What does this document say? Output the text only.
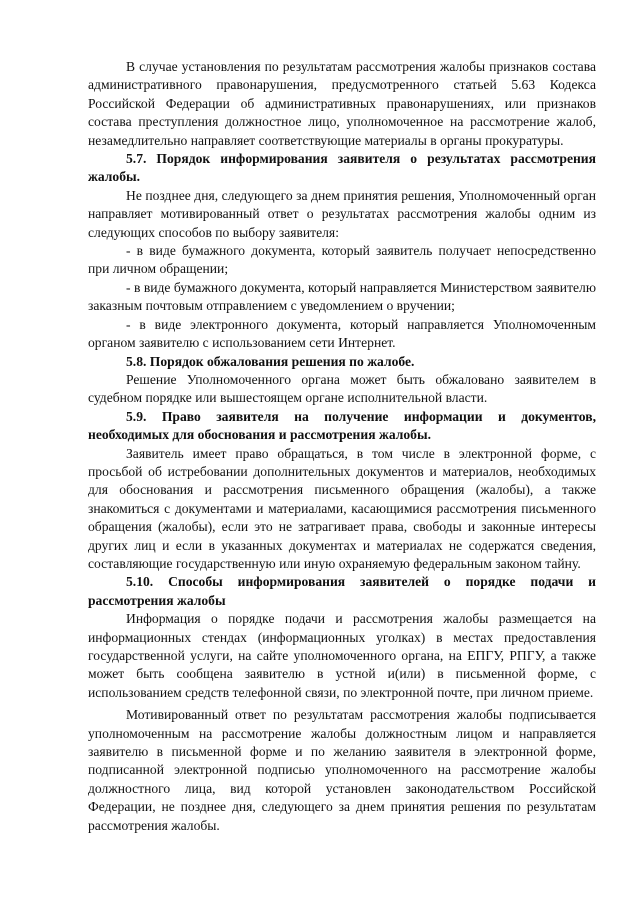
В случае установления по результатам рассмотрения жалобы признаков состава административного правонарушения, предусмотренного статьей 5.63 Кодекса Российской Федерации об административных правонарушениях, или признаков состава преступления должностное лицо, уполномоченное на рассмотрение жалоб, незамедлительно направляет соответствующие материалы в органы прокуратуры.

5.7. Порядок информирования заявителя о результатах рассмотрения жалобы.

Не позднее дня, следующего за днем принятия решения, Уполномоченный орган направляет мотивированный ответ о результатах рассмотрения жалобы одним из следующих способов по выбору заявителя:

- в виде бумажного документа, который заявитель получает непосредственно при личном обращении;

- в виде бумажного документа, который направляется Министерством заявителю заказным почтовым отправлением с уведомлением о вручении;

- в виде электронного документа, который направляется Уполномоченным органом заявителю с использованием сети Интернет.

5.8. Порядок обжалования решения по жалобе.

Решение Уполномоченного органа может быть обжаловано заявителем в судебном порядке или вышестоящем органе исполнительной власти.

5.9. Право заявителя на получение информации и документов, необходимых для обоснования и рассмотрения жалобы.

Заявитель имеет право обращаться, в том числе в электронной форме, с просьбой об истребовании дополнительных документов и материалов, необходимых для обоснования и рассмотрения письменного обращения (жалобы), а также знакомиться с документами и материалами, касающимися рассмотрения письменного обращения (жалобы), если это не затрагивает права, свободы и законные интересы других лиц и если в указанных документах и материалах не содержатся сведения, составляющие государственную или иную охраняемую федеральным законом тайну.

5.10. Способы информирования заявителей о порядке подачи и рассмотрения жалобы

Информация о порядке подачи и рассмотрения жалобы размещается на информационных стендах (информационных уголках) в местах предоставления государственной услуги, на сайте уполномоченного органа, на ЕПГУ, РПГУ, а также может быть сообщена заявителю в устной и(или) в письменной форме, с использованием средств телефонной связи, по электронной почте, при личном приеме.

Мотивированный ответ по результатам рассмотрения жалобы подписывается уполномоченным на рассмотрение жалобы должностным лицом и направляется заявителю в письменной форме и по желанию заявителя в электронной форме, подписанной электронной подписью уполномоченного на рассмотрение жалобы должностного лица, вид которой установлен законодательством Российской Федерации, не позднее дня, следующего за днем принятия решения по результатам рассмотрения жалобы.
